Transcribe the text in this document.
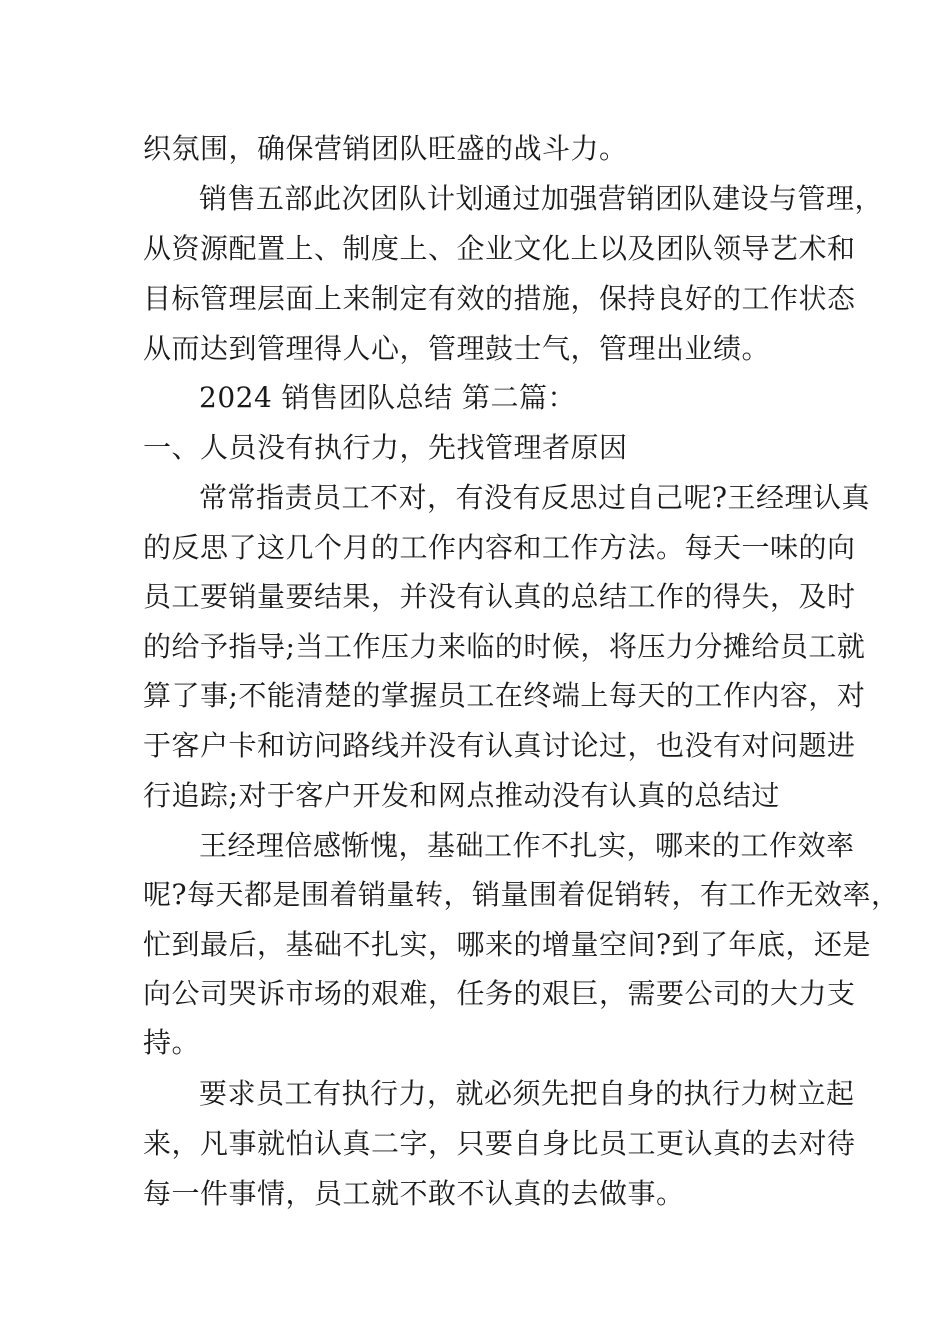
织氛围，确保营销团队旺盛的战斗力。
销售五部此次团队计划通过加强营销团队建设与管理，
从资源配置上、制度上、企业文化上以及团队领导艺术和
目标管理层面上来制定有效的措施，保持良好的工作状态
从而达到管理得人心，管理鼓士气，管理出业绩。
2024 销售团队总结 第二篇：
一、人员没有执行力，先找管理者原因
常常指责员工不对，有没有反思过自己呢?王经理认真
的反思了这几个月的工作内容和工作方法。每天一味的向
员工要销量要结果，并没有认真的总结工作的得失，及时
的给予指导;当工作压力来临的时候，将压力分摊给员工就
算了事;不能清楚的掌握员工在终端上每天的工作内容，对
于客户卡和访问路线并没有认真讨论过，也没有对问题进
行追踪;对于客户开发和网点推动没有认真的总结过
王经理倍感惭愧，基础工作不扎实，哪来的工作效率
呢?每天都是围着销量转，销量围着促销转，有工作无效率，
忙到最后，基础不扎实，哪来的增量空间?到了年底，还是
向公司哭诉市场的艰难，任务的艰巨，需要公司的大力支
持。
要求员工有执行力，就必须先把自身的执行力树立起
来，凡事就怕认真二字，只要自身比员工更认真的去对待
每一件事情，员工就不敢不认真的去做事。
